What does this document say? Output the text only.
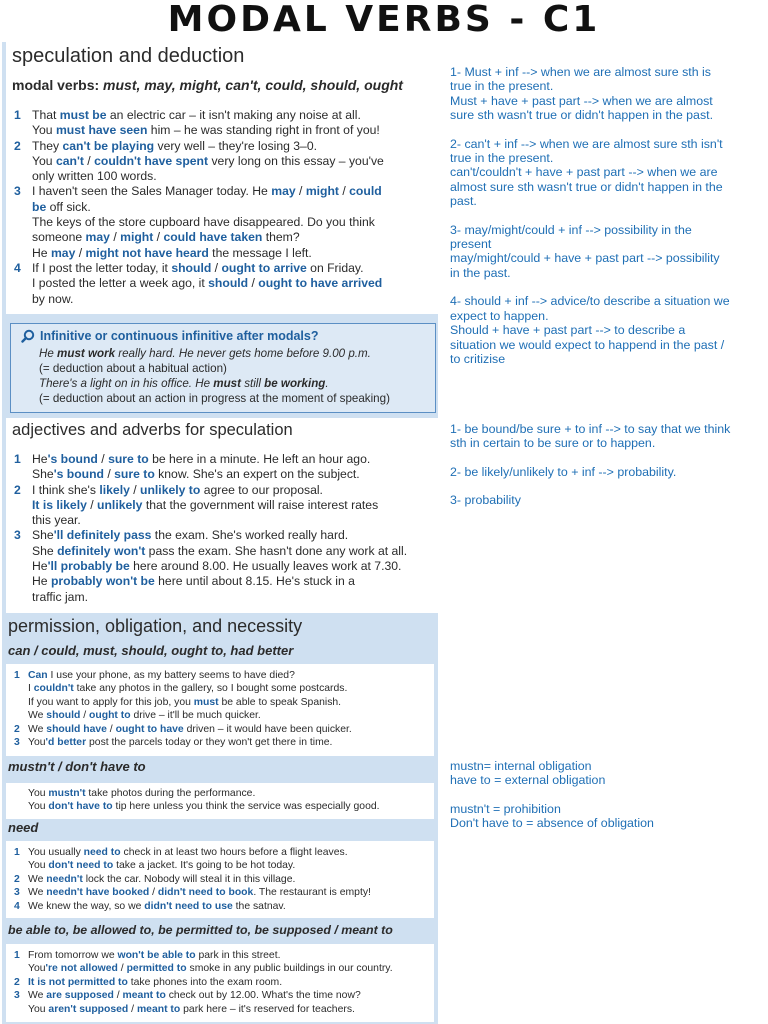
MODAL VERBS - C1
speculation and deduction
modal verbs: must, may, might, can't, could, should, ought
1 That must be an electric car – it isn't making any noise at all.
You must have seen him – he was standing right in front of you!
2 They can't be playing very well – they're losing 3–0.
You can't / couldn't have spent very long on this essay – you've
only written 100 words.
3 I haven't seen the Sales Manager today. He may / might / could
be off sick.
The keys of the store cupboard have disappeared. Do you think
someone may / might / could have taken them?
He may / might not have heard the message I left.
4 If I post the letter today, it should / ought to arrive on Friday.
I posted the letter a week ago, it should / ought to have arrived
by now.
Infinitive or continuous infinitive after modals?
He must work really hard. He never gets home before 9.00 p.m.
(= deduction about a habitual action)
There's a light on in his office. He must still be working.
(= deduction about an action in progress at the moment of speaking)
adjectives and adverbs for speculation
1 He's bound / sure to be here in a minute. He left an hour ago.
She's bound / sure to know. She's an expert on the subject.
2 I think she's likely / unlikely to agree to our proposal.
It is likely / unlikely that the government will raise interest rates
this year.
3 She'll definitely pass the exam. She's worked really hard.
She definitely won't pass the exam. She hasn't done any work at all.
He'll probably be here around 8.00. He usually leaves work at 7.30.
He probably won't be here until about 8.15. He's stuck in a
traffic jam.
permission, obligation, and necessity
can / could, must, should, ought to, had better
1 Can I use your phone, as my battery seems to have died?
I couldn't take any photos in the gallery, so I bought some postcards.
If you want to apply for this job, you must be able to speak Spanish.
We should / ought to drive – it'll be much quicker.
2 We should have / ought to have driven – it would have been quicker.
3 You'd better post the parcels today or they won't get there in time.
mustn't / don't have to
You mustn't take photos during the performance.
You don't have to tip here unless you think the service was especially good.
need
1 You usually need to check in at least two hours before a flight leaves.
You don't need to take a jacket. It's going to be hot today.
2 We needn't lock the car. Nobody will steal it in this village.
3 We needn't have booked / didn't need to book. The restaurant is empty!
4 We knew the way, so we didn't need to use the satnav.
be able to, be allowed to, be permitted to, be supposed / meant to
1 From tomorrow we won't be able to park in this street.
You're not allowed / permitted to smoke in any public buildings in our country.
2 It is not permitted to take phones into the exam room.
3 We are supposed / meant to check out by 12.00. What's the time now?
You aren't supposed / meant to park here – it's reserved for teachers.

1- Must + inf --> when we are almost sure sth is
true in the present.
Must + have + past part --> when we are almost
sure sth wasn't true or didn't happen in the past.

2- can't + inf --> when we are almost sure sth isn't
true in the present.
can't/couldn't + have + past part --> when we are
almost sure sth wasn't true or didn't happen in the
past.

3- may/might/could + inf --> possibility in the
present
may/might/could + have + past part --> possibility
in the past.

4- should + inf --> advice/to describe a situation we
expect to happen.
Should + have + past part --> to describe a
situation we would expect to happend in the past /
to critizise

1- be bound/be sure + to inf --> to say that we think
sth in certain to be sure or to happen.

2- be likely/unlikely to + inf --> probability.

3- probability

mustn= internal obligation
have to = external obligation

mustn't = prohibition
Don't have to = absence of obligation
